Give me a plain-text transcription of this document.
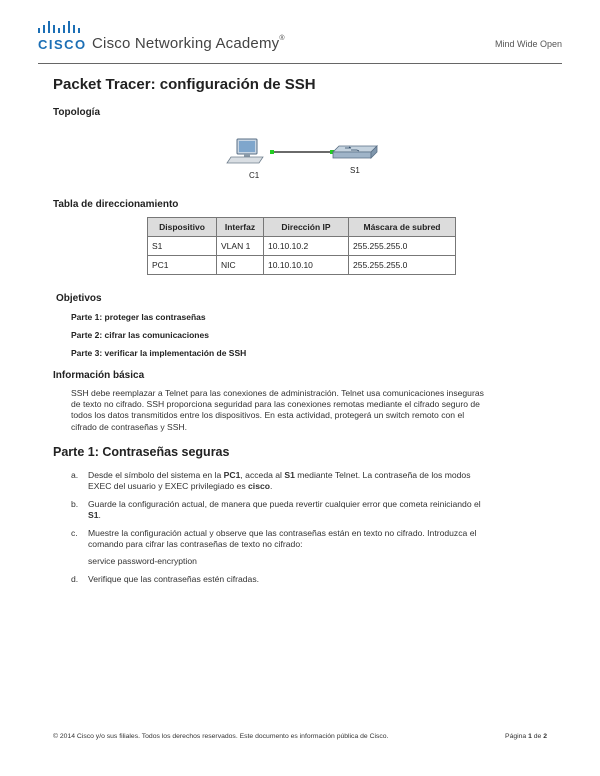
CISCO Cisco Networking Academy®
Mind Wide Open
Packet Tracer: configuración de SSH
Topología
C1
S1
Tabla de direccionamiento
Dispositivo	Interfaz	Dirección IP	Máscara de subred
S1	VLAN 1	10.10.10.2	255.255.255.0
PC1	NIC	10.10.10.10	255.255.255.0
Objetivos
Parte 1: proteger las contraseñas
Parte 2: cifrar las comunicaciones
Parte 3: verificar la implementación de SSH
Información básica
SSH debe reemplazar a Telnet para las conexiones de administración. Telnet usa comunicaciones inseguras
de texto no cifrado. SSH proporciona seguridad para las conexiones remotas mediante el cifrado seguro de
todos los datos transmitidos entre los dispositivos. En esta actividad, protegerá un switch remoto con el
cifrado de contraseñas y SSH.
Parte 1: Contraseñas seguras
a. Desde el símbolo del sistema en la PC1, acceda al S1 mediante Telnet. La contraseña de los modos
EXEC del usuario y EXEC privilegiado es cisco.
b. Guarde la configuración actual, de manera que pueda revertir cualquier error que cometa reiniciando el
S1.
c. Muestre la configuración actual y observe que las contraseñas están en texto no cifrado. Introduzca el
comando para cifrar las contraseñas de texto no cifrado:
service password-encryption
d. Verifique que las contraseñas estén cifradas.
© 2014 Cisco y/o sus filiales. Todos los derechos reservados. Este documento es información pública de Cisco.	Página 1 de 2
